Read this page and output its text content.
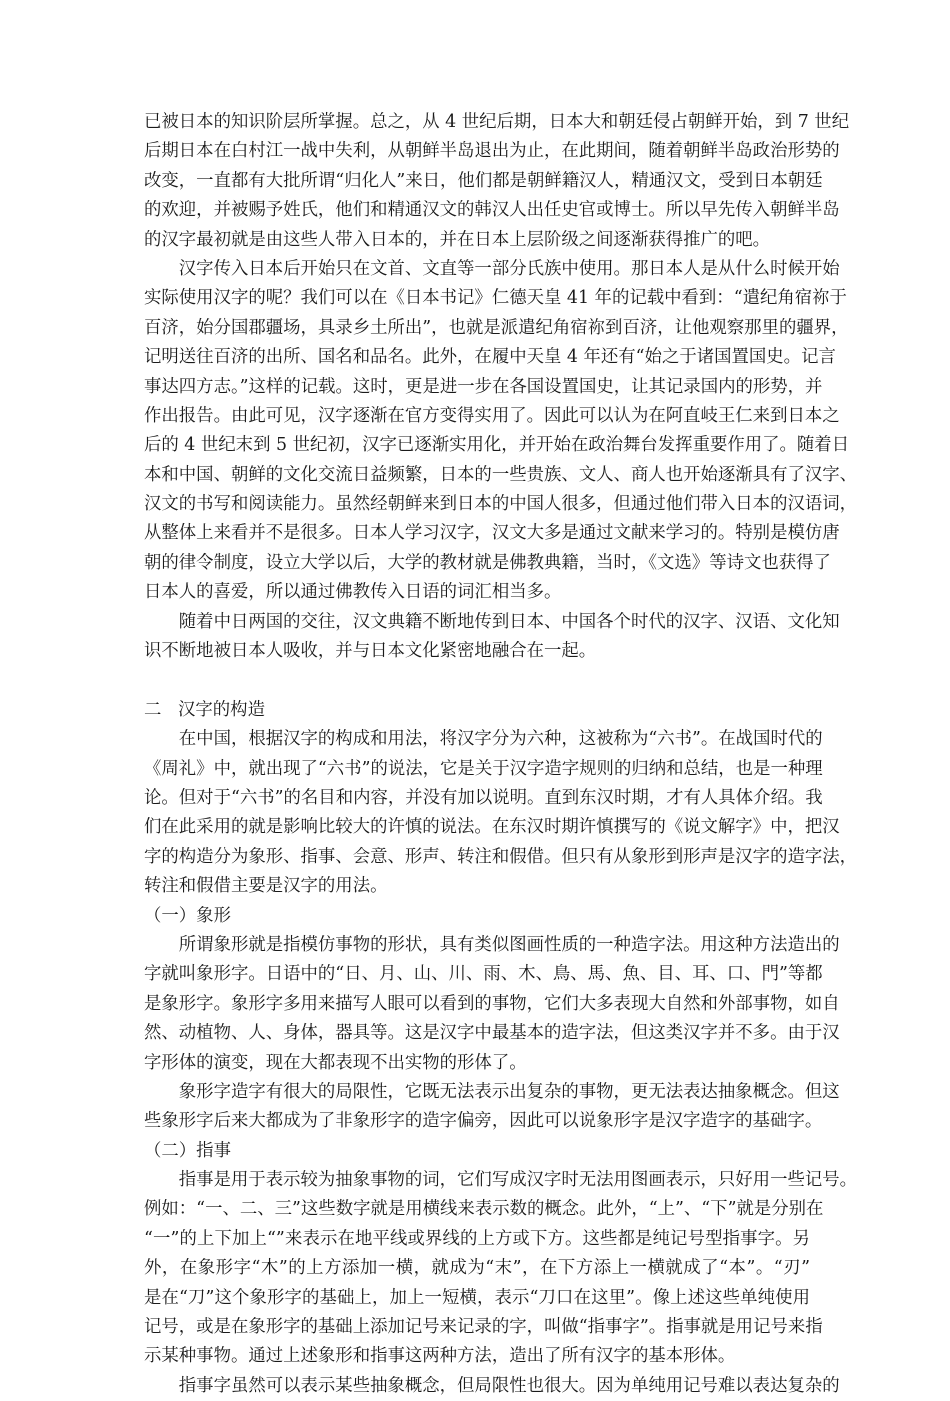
已被日本的知识阶层所掌握。总之，从 4 世纪后期，日本大和朝廷侵占朝鲜开始，到 7 世纪
后期日本在白村江一战中失利，从朝鲜半岛退出为止，在此期间，随着朝鲜半岛政治形势的
改变，一直都有大批所谓“归化人”来日，他们都是朝鲜籍汉人，精通汉文，受到日本朝廷
的欢迎，并被赐予姓氏，他们和精通汉文的韩汉人出任史官或博士。所以早先传入朝鲜半岛
的汉字最初就是由这些人带入日本的，并在日本上层阶级之间逐渐获得推广的吧。
　　汉字传入日本后开始只在文首、文直等一部分氏族中使用。那日本人是从什么时候开始
实际使用汉字的呢？我们可以在《日本书记》仁德天皇 41 年的记载中看到：“遣纪角宿祢于
百济，始分国郡疆场，具录乡土所出”，也就是派遣纪角宿祢到百济，让他观察那里的疆界，
记明送往百济的出所、国名和品名。此外，在履中天皇 4 年还有“始之于诸国置国史。记言
事达四方志。”这样的记载。这时，更是进一步在各国设置国史，让其记录国内的形势，并
作出报告。由此可见，汉字逐渐在官方变得实用了。因此可以认为在阿直岐王仁来到日本之
后的 4 世纪末到 5 世纪初，汉字已逐渐实用化，并开始在政治舞台发挥重要作用了。随着日
本和中国、朝鲜的文化交流日益频繁，日本的一些贵族、文人、商人也开始逐渐具有了汉字、
汉文的书写和阅读能力。虽然经朝鲜来到日本的中国人很多，但通过他们带入日本的汉语词，
从整体上来看并不是很多。日本人学习汉字，汉文大多是通过文献来学习的。特别是模仿唐
朝的律令制度，设立大学以后，大学的教材就是佛教典籍，当时，《文选》等诗文也获得了
日本人的喜爱，所以通过佛教传入日语的词汇相当多。
　　随着中日两国的交往，汉文典籍不断地传到日本、中国各个时代的汉字、汉语、文化知
识不断地被日本人吸收，并与日本文化紧密地融合在一起。
二 汉字的构造
　　在中国，根据汉字的构成和用法，将汉字分为六种，这被称为“六书”。在战国时代的
《周礼》中，就出现了“六书”的说法，它是关于汉字造字规则的归纳和总结，也是一种理
论。但对于“六书”的名目和内容，并没有加以说明。直到东汉时期，才有人具体介绍。我
们在此采用的就是影响比较大的许慎的说法。在东汉时期许慎撰写的《说文解字》中，把汉
字的构造分为象形、指事、会意、形声、转注和假借。但只有从象形到形声是汉字的造字法，
转注和假借主要是汉字的用法。
（一）象形
　　所谓象形就是指模仿事物的形状，具有类似图画性质的一种造字法。用这种方法造出的
字就叫象形字。日语中的“日、月、山、川、雨、木、鳥、馬、魚、目、耳、口、門”等都
是象形字。象形字多用来描写人眼可以看到的事物，它们大多表现大自然和外部事物，如自
然、动植物、人、身体，器具等。这是汉字中最基本的造字法，但这类汉字并不多。由于汉
字形体的演变，现在大都表现不出实物的形体了。
　　象形字造字有很大的局限性，它既无法表示出复杂的事物，更无法表达抽象概念。但这
些象形字后来大都成为了非象形字的造字偏旁，因此可以说象形字是汉字造字的基础字。
（二）指事
　　指事是用于表示较为抽象事物的词，它们写成汉字时无法用图画表示，只好用一些记号。
例如：“一、二、三”这些数字就是用横线来表示数的概念。此外，“上”、“下”就是分别在
“一”的上下加上“”来表示在地平线或界线的上方或下方。这些都是纯记号型指事字。另
外，在象形字“木”的上方添加一横，就成为“末”，在下方添上一横就成了“本”。“刃”
是在“刀”这个象形字的基础上，加上一短横，表示“刀口在这里”。像上述这些单纯使用
记号，或是在象形字的基础上添加记号来记录的字，叫做“指事字”。指事就是用记号来指
示某种事物。通过上述象形和指事这两种方法，造出了所有汉字的基本形体。
　　指事字虽然可以表示某些抽象概念，但局限性也很大。因为单纯用记号难以表达复杂的
